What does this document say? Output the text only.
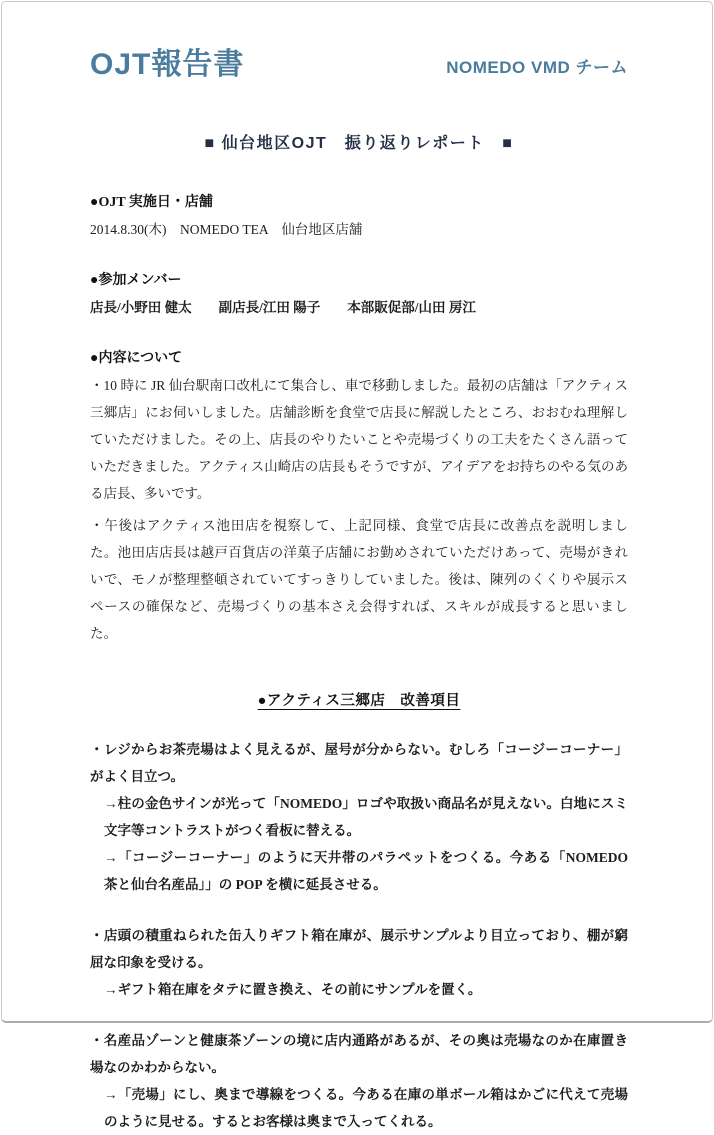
OJT報告書	NOMEDO VMD チーム
■ 仙台地区OJT　振り返りレポート　■
●OJT 実施日・店舗

2014.8.30(木)　NOMEDO TEA　仙台地区店舗

●参加メンバー

店長/小野田 健太　　副店長/江田 陽子　　本部販促部/山田 房江

●内容について

・10 時に JR 仙台駅南口改札にて集合し、車で移動しました。最初の店舗は「アクティス三郷店」にお伺いしました。店舗診断を食堂で店長に解説したところ、おおむね理解していただけました。その上、店長のやりたいことや売場づくりの工夫をたくさん語っていただきました。アクティス山崎店の店長もそうですが、アイデアをお持ちのやる気のある店長、多いです。

・午後はアクティス池田店を視察して、上記同様、食堂で店長に改善点を説明しました。池田店店長は越戸百貨店の洋菓子店舗にお勤めされていただけあって、売場がきれいで、モノが整理整頓されていてすっきりしていました。後は、陳列のくくりや展示スペースの確保など、売場づくりの基本さえ会得すれば、スキルが成長すると思いました。

●アクティス三郷店　改善項目

・レジからお茶売場はよく見えるが、屋号が分からない。むしろ「コージーコーナー」がよく目立つ。

→柱の金色サインが光って「NOMEDO」ロゴや取扱い商品名が見えない。白地にスミ文字等コントラストがつく看板に替える。

→「コージーコーナー」のように天井帯のパラペットをつくる。今ある「NOMEDO 茶と仙台名産品」」の POP を横に延長させる。

・店頭の積重ねられた缶入りギフト箱在庫が、展示サンプルより目立っており、棚が窮屈な印象を受ける。

→ギフト箱在庫をタテに置き換え、その前にサンプルを置く。

・名産品ゾーンと健康茶ゾーンの境に店内通路があるが、その奥は売場なのか在庫置き場なのかわからない。

→「売場」にし、奥まで導線をつくる。今ある在庫の単ボール箱はかごに代えて売場のように見せる。するとお客様は奥まで入ってくれる。
